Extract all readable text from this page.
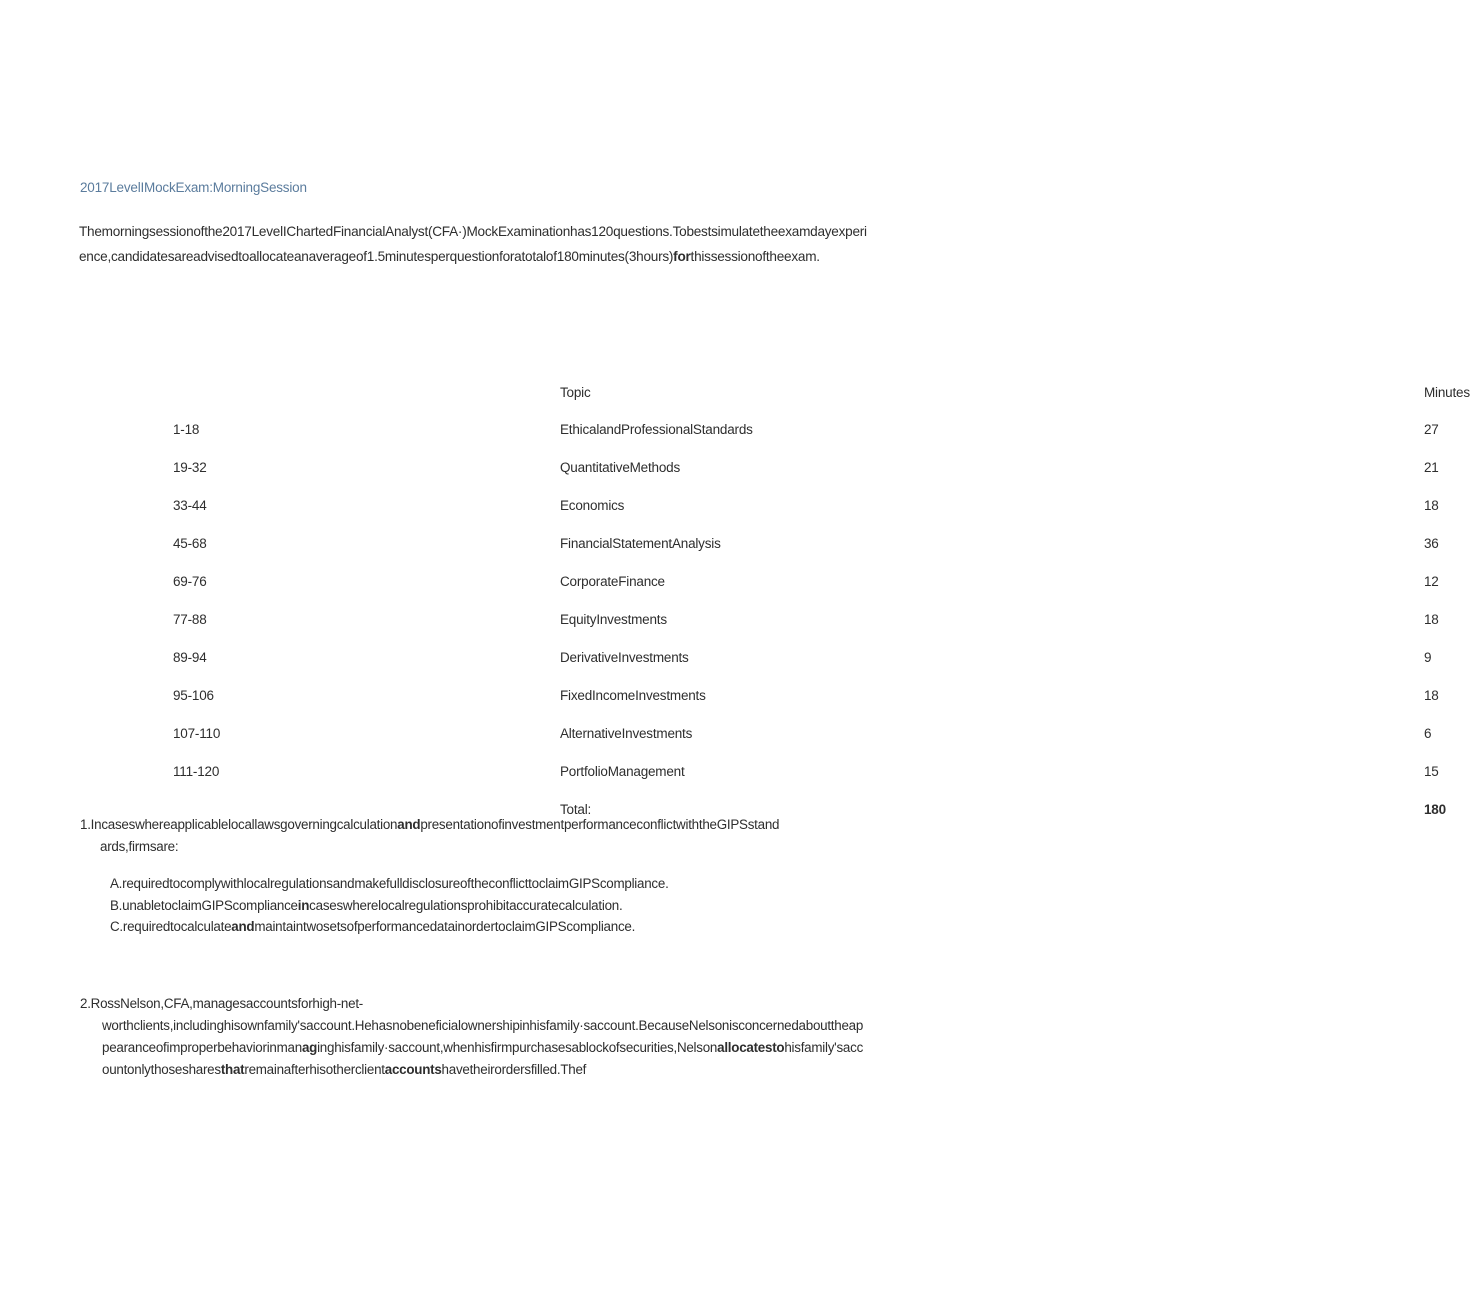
2017LevelIMockExam:MorningSession
Themorningsessionofthe2017LevelIChartedFinancialAnalyst(CFA·)MockExaminationhas120questions.Tobestsimulatetheexamdayexperience,candidatesareadvisedtoallocateanaverageof1.5minutesperquestionforatotalof180minutes(3hours)forthissessionoftheexam.
	Topic	Minutes
1-18	EthicalandProfessionalStandards	27
19-32	QuantitativeMethods	21
33-44	Economics	18
45-68	FinancialStatementAnalysis	36
69-76	CorporateFinance	12
77-88	EquityInvestments	18
89-94	DerivativeInvestments	9
95-106	FixedIncomeInvestments	18
107-110	AlternativeInvestments	6
111-120	PortfolioManagement	15
	Total:	180
1.IncaseswhereapplicablelocallawsgoverningcalculationandpresentationofinvestmentperformanceconflictwiththeGIPSstand
ards,firmsare:
A.requiredtocomplywithlocalregulationsandmakefulldisclosureoftheconflicttoclaimGIPScompliance.
B.unabletoclaimGIPScomplianceincaseswherelocalregulationsprohibitaccuratecalculation.
C.requiredtocalculateandmaintaintwosetsofperformancedatainordertoclaimGIPScompliance.
2.RossNelson,CFA,managesaccountsforhigh-net-
worthclients,includinghisownfamily'saccount.Hehasnobeneficialownershipinhisfamily·saccount.BecauseNelsonisconcernedabouttheappearanceofimproperbehaviorinmanaginghisfamily·saccount,whenhisfirmpurchasesablockofsecurities,Nelsonallocatestohisfamily'saccountonlythosesharesthatremainafterhisotherclientaccountshavetheirordersfilled.Thef
